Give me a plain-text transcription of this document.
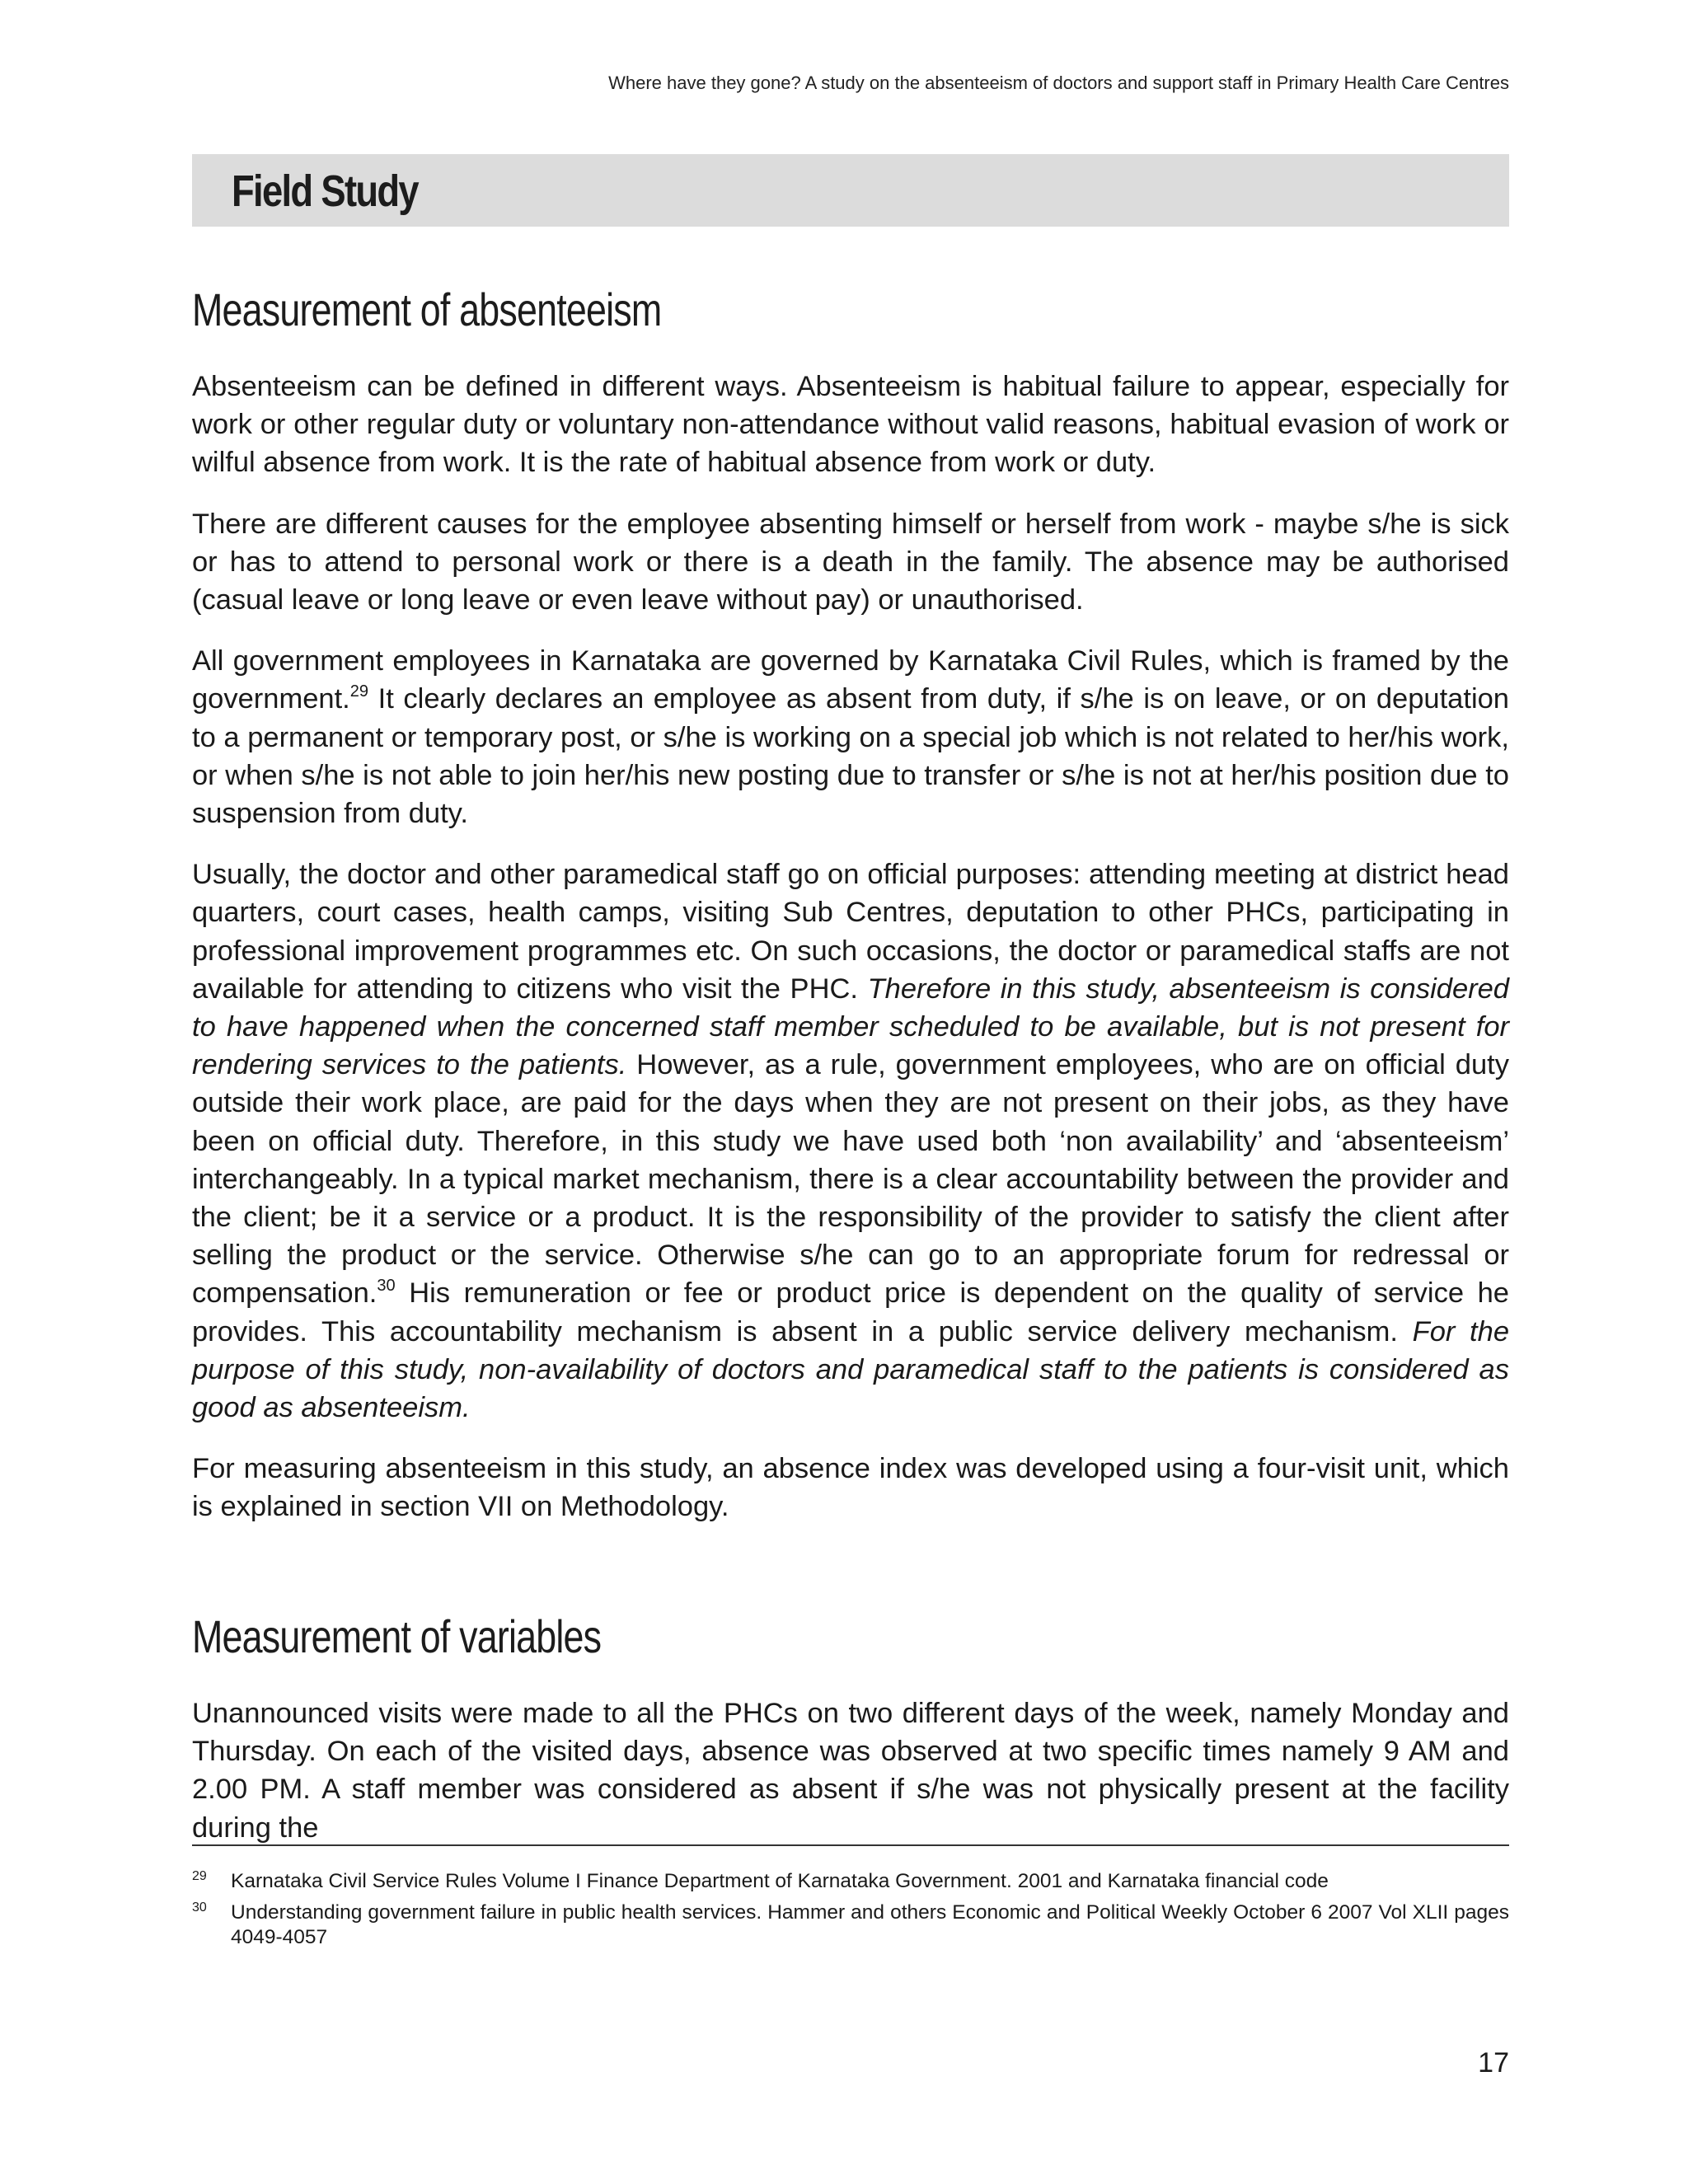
Where have they gone? A study on the absenteeism of doctors and support staff in Primary Health Care Centres
Field Study
Measurement of absenteeism

Absenteeism can be defined in different ways. Absenteeism is habitual failure to appear, especially for work or other regular duty or voluntary non-attendance without valid reasons, habitual evasion of work or wilful absence from work. It is the rate of habitual absence from work or duty.

There are different causes for the employee absenting himself or herself from work - maybe s/he is sick or has to attend to personal work or there is a death in the family. The absence may be authorised (casual leave or long leave or even leave without pay) or unauthorised.

All government employees in Karnataka are governed by Karnataka Civil Rules, which is framed by the government.$^{29}$ It clearly declares an employee as absent from duty, if s/he is on leave, or on deputation to a permanent or temporary post, or s/he is working on a special job which is not related to her/his work, or when s/he is not able to join her/his new posting due to transfer or s/he is not at her/his position due to suspension from duty.

Usually, the doctor and other paramedical staff go on official purposes: attending meeting at district head quarters, court cases, health camps, visiting Sub Centres, deputation to other PHCs, participating in professional improvement programmes etc. On such occasions, the doctor or paramedical staffs are not available for attending to citizens who visit the PHC. Therefore in this study, absenteeism is considered to have happened when the concerned staff member scheduled to be available, but is not present for rendering services to the patients. However, as a rule, government employees, who are on official duty outside their work place, are paid for the days when they are not present on their jobs, as they have been on official duty. Therefore, in this study we have used both ‘non availability’ and ‘absenteeism’ interchangeably. In a typical market mechanism, there is a clear accountability between the provider and the client; be it a service or a product. It is the responsibility of the provider to satisfy the client after selling the product or the service. Otherwise s/he can go to an appropriate forum for redressal or compensation.$^{30}$ His remuneration or fee or product price is dependent on the quality of service he provides. This accountability mechanism is absent in a public service delivery mechanism. For the purpose of this study, non-availability of doctors and paramedical staff to the patients is considered as good as absenteeism.

For measuring absenteeism in this study, an absence index was developed using a four-visit unit, which is explained in section VII on Methodology.

Measurement of variables

Unannounced visits were made to all the PHCs on two different days of the week, namely Monday and Thursday. On each of the visited days, absence was observed at two specific times namely 9 AM and 2.00 PM. A staff member was considered as absent if s/he was not physically present at the facility during the

29 Karnataka Civil Service Rules Volume I Finance Department of Karnataka Government. 2001 and Karnataka financial code
30 Understanding government failure in public health services. Hammer and others Economic and Political Weekly October 6 2007 Vol XLII pages 4049-4057
17
